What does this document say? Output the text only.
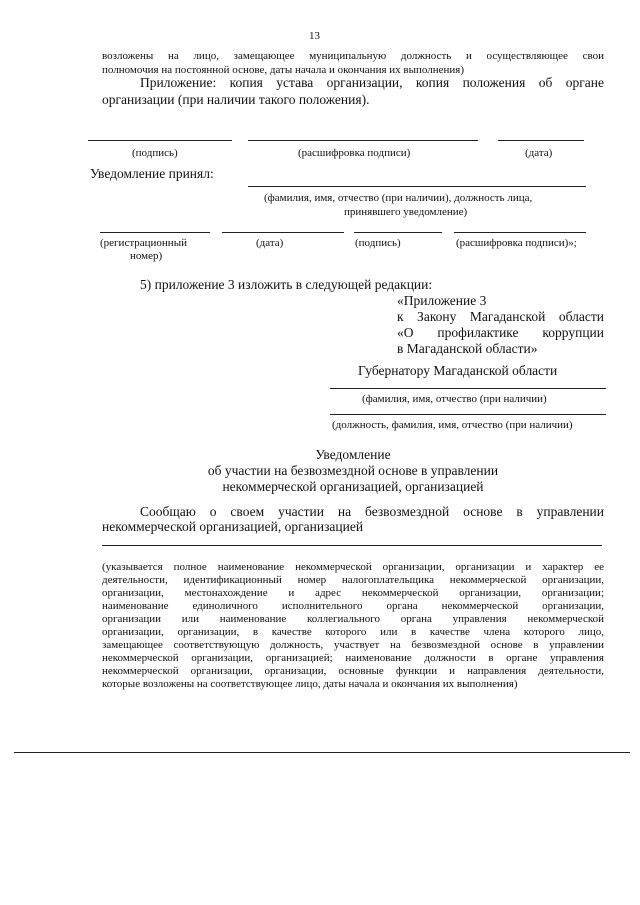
13
возложены на лицо, замещающее муниципальную должность и осуществляющее свои
полномочия на постоянной основе, даты начала и окончания их выполнения)
Приложение: копия устава организации, копия положения об органе
организации (при наличии такого положения).
(подпись)	(расшифровка подписи)	(дата)
Уведомление принял:
(фамилия, имя, отчество (при наличии), должность лица,
принявшего уведомление)
(регистрационный
номер)
(дата)	(подпись)	(расшифровка подписи)»;
5) приложение 3 изложить в следующей редакции:
«Приложение 3
к Закону Магаданской области
«О профилактике коррупции
в Магаданской области»
Губернатору Магаданской области
(фамилия, имя, отчество (при наличии)
(должность, фамилия, имя, отчество (при наличии)
Уведомление
об участии на безвозмездной основе в управлении
некоммерческой организацией, организацией
Сообщаю о своем участии на безвозмездной основе в управлении
некоммерческой организацией, организацией
(указывается полное наименование некоммерческой организации, организации и характер ее
деятельности, идентификационный номер налогоплательщика некоммерческой организации,
организации, местонахождение и адрес некоммерческой организации, организации;
наименование единоличного исполнительного органа некоммерческой организации,
организации или наименование коллегиального органа управления некоммерческой
организации, организации, в качестве которого или в качестве члена которого лицо,
замещающее соответствующую должность, участвует на безвозмездной основе в управлении
некоммерческой организации, организацией; наименование должности в органе управления
некоммерческой организации, организации, основные функции и направления деятельности,
которые возложены на соответствующее лицо, даты начала и окончания их выполнения)
